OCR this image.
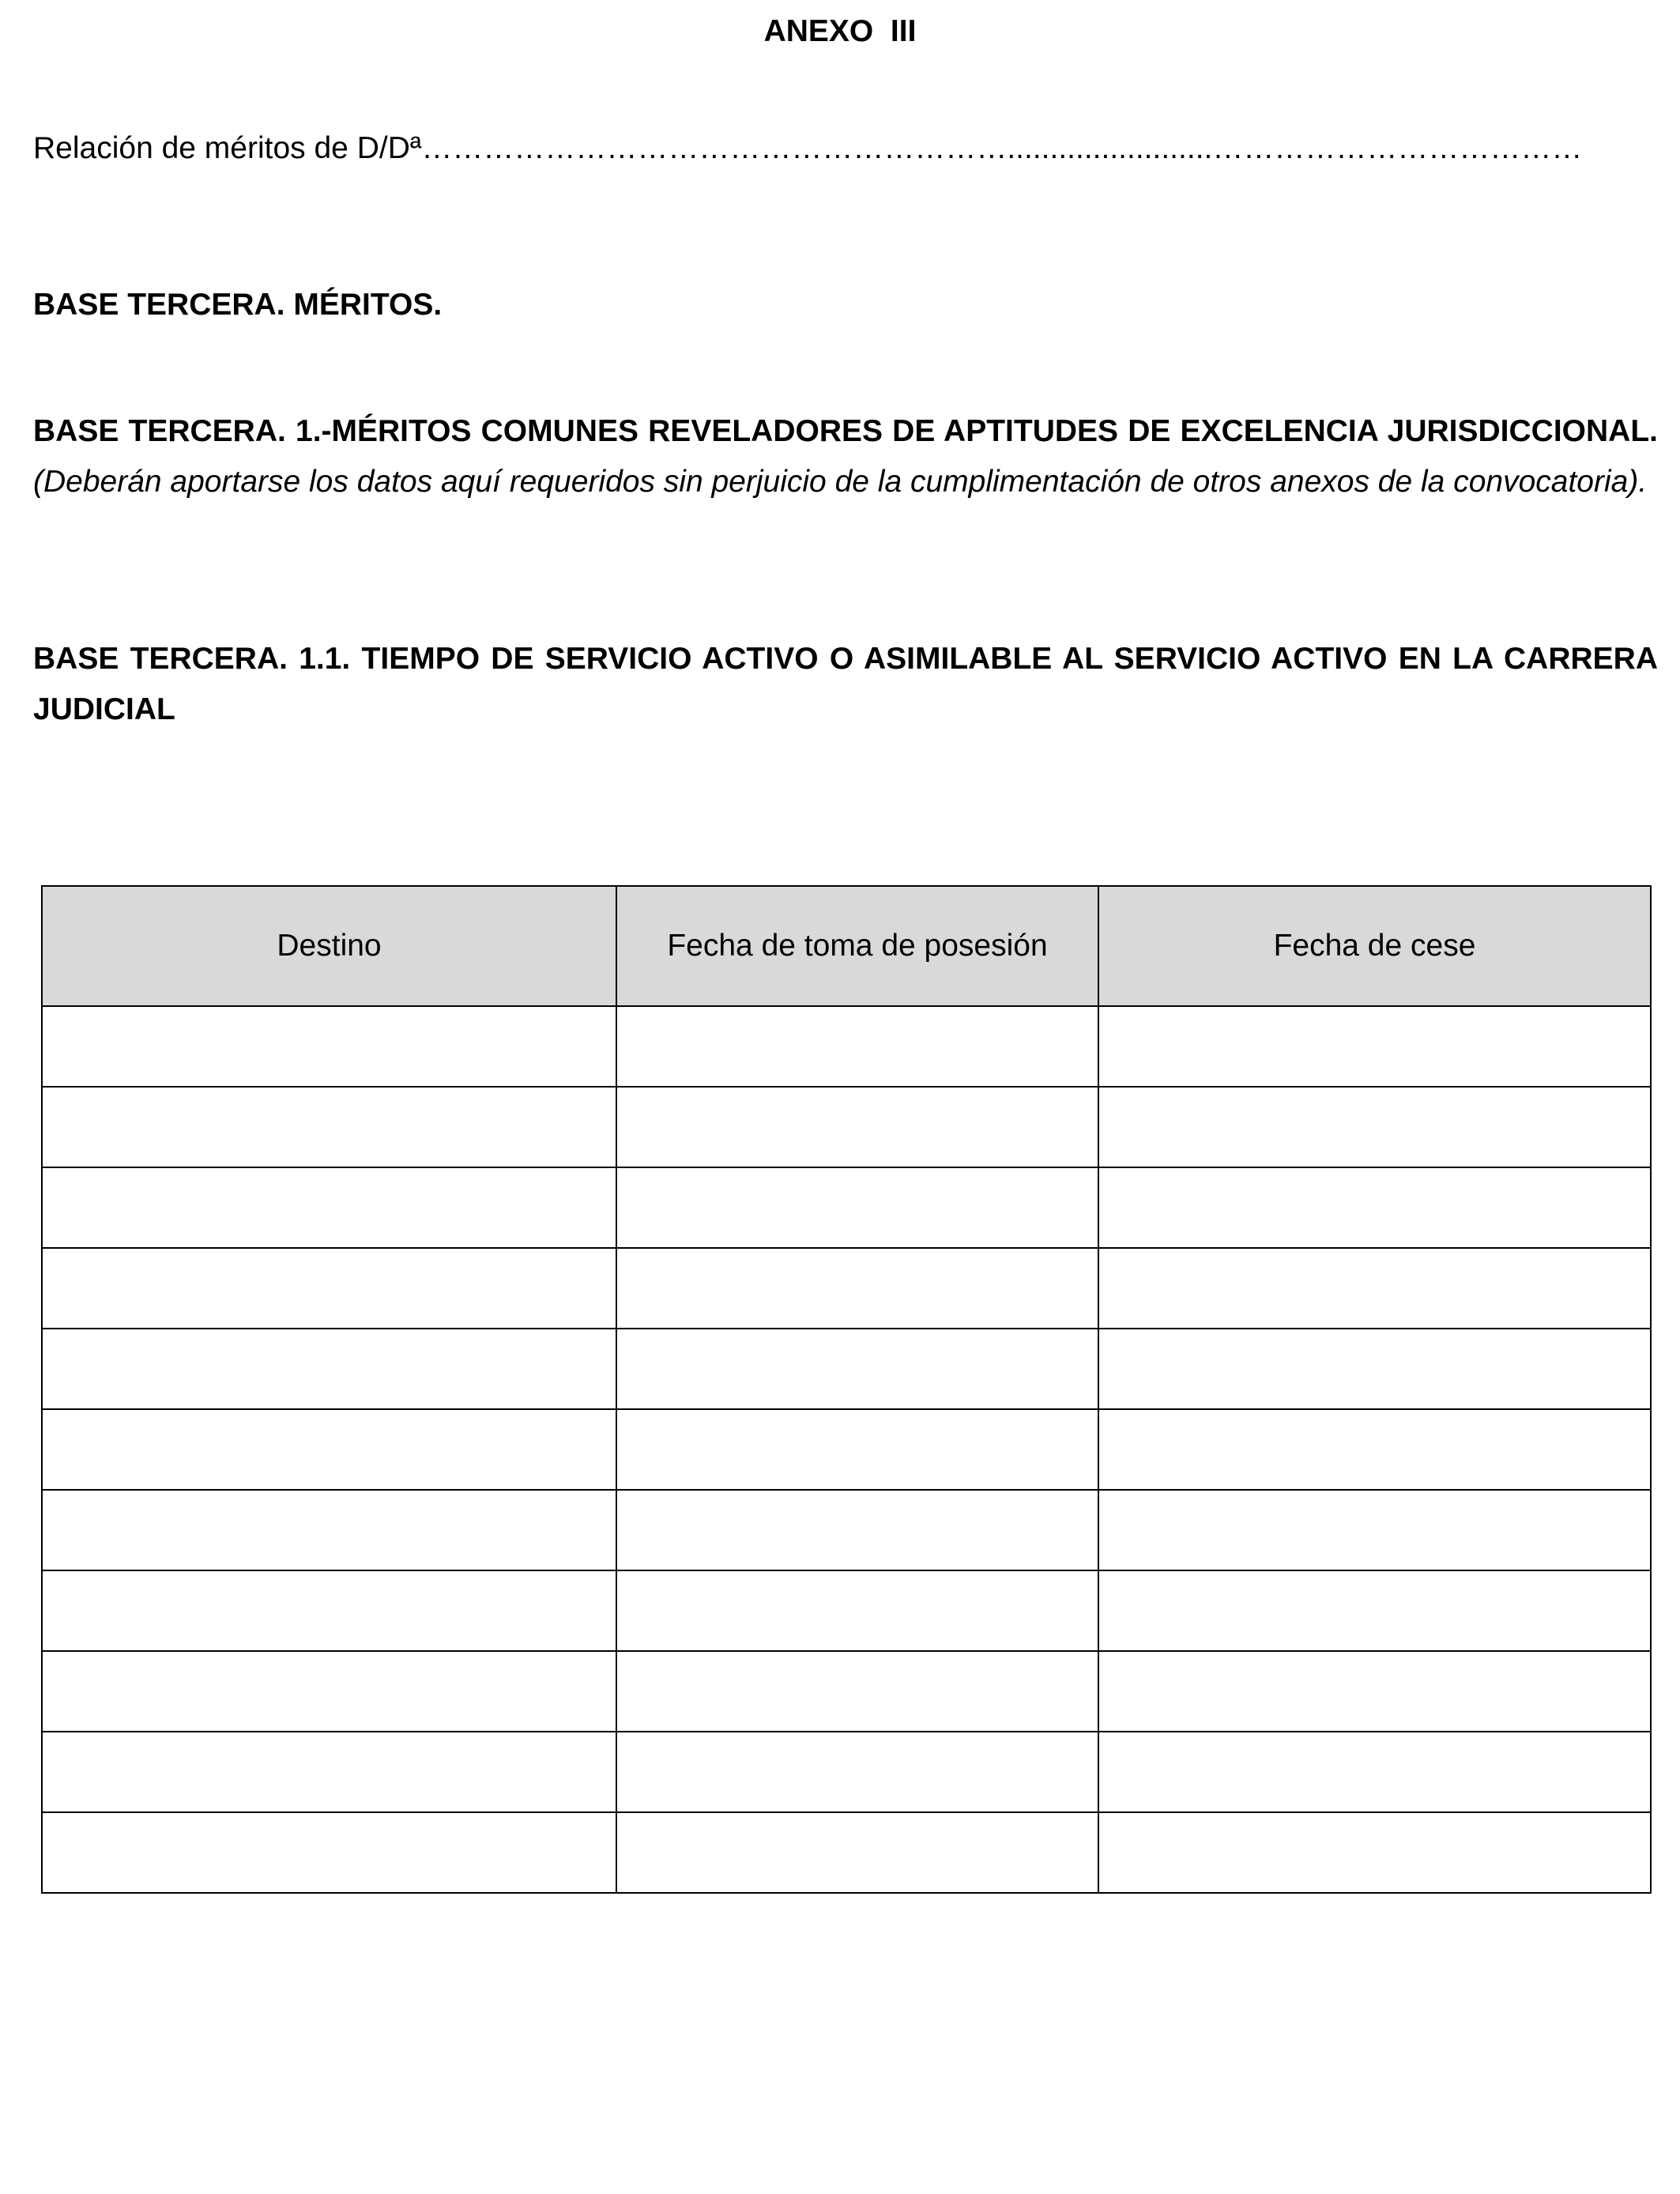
ANEXO  III
Relación de méritos de D/Dª…………………………………………………........................………………………………
BASE TERCERA. MÉRITOS.
BASE TERCERA. 1.-MÉRITOS COMUNES REVELADORES DE APTITUDES DE EXCELENCIA JURISDICCIONAL. (Deberán aportarse los datos aquí requeridos sin perjuicio de la cumplimentación de otros anexos de la convocatoria).
BASE TERCERA. 1.1. TIEMPO DE SERVICIO ACTIVO O ASIMILABLE AL SERVICIO ACTIVO EN LA CARRERA JUDICIAL
Destino	Fecha de toma de posesión	Fecha de cese
